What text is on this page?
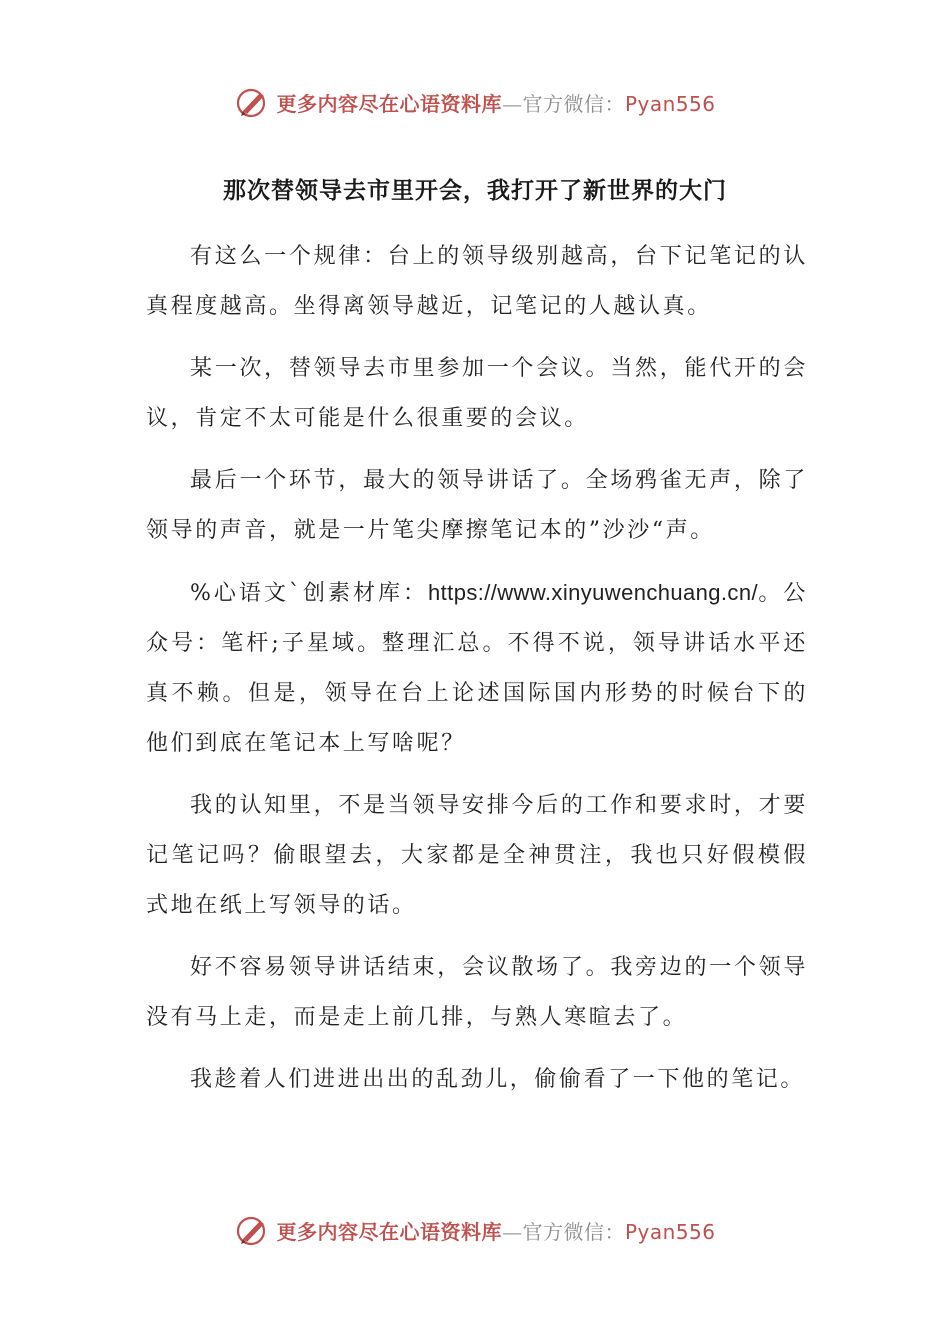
更多内容尽在心语资料库—官方微信：Pyan556
那次替领导去市里开会，我打开了新世界的大门

有这么一个规律：台上的领导级别越高，台下记笔记的认真程度越高。坐得离领导越近，记笔记的人越认真。

某一次，替领导去市里参加一个会议。当然，能代开的会议，肯定不太可能是什么很重要的会议。

最后一个环节，最大的领导讲话了。全场鸦雀无声，除了领导的声音，就是一片笔尖摩擦笔记本的”沙沙“声。

%心语文`创素材库：https://www.xinyuwenchuang.cn/。公众号：笔杆;子星域。整理汇总。不得不说，领导讲话水平还真不赖。但是，领导在台上论述国际国内形势的时候台下的他们到底在笔记本上写啥呢？

我的认知里，不是当领导安排今后的工作和要求时，才要记笔记吗？偷眼望去，大家都是全神贯注，我也只好假模假式地在纸上写领导的话。

好不容易领导讲话结束，会议散场了。我旁边的一个领导没有马上走，而是走上前几排，与熟人寒暄去了。

我趁着人们进进出出的乱劲儿，偷偷看了一下他的笔记。

更多内容尽在心语资料库—官方微信：Pyan556
